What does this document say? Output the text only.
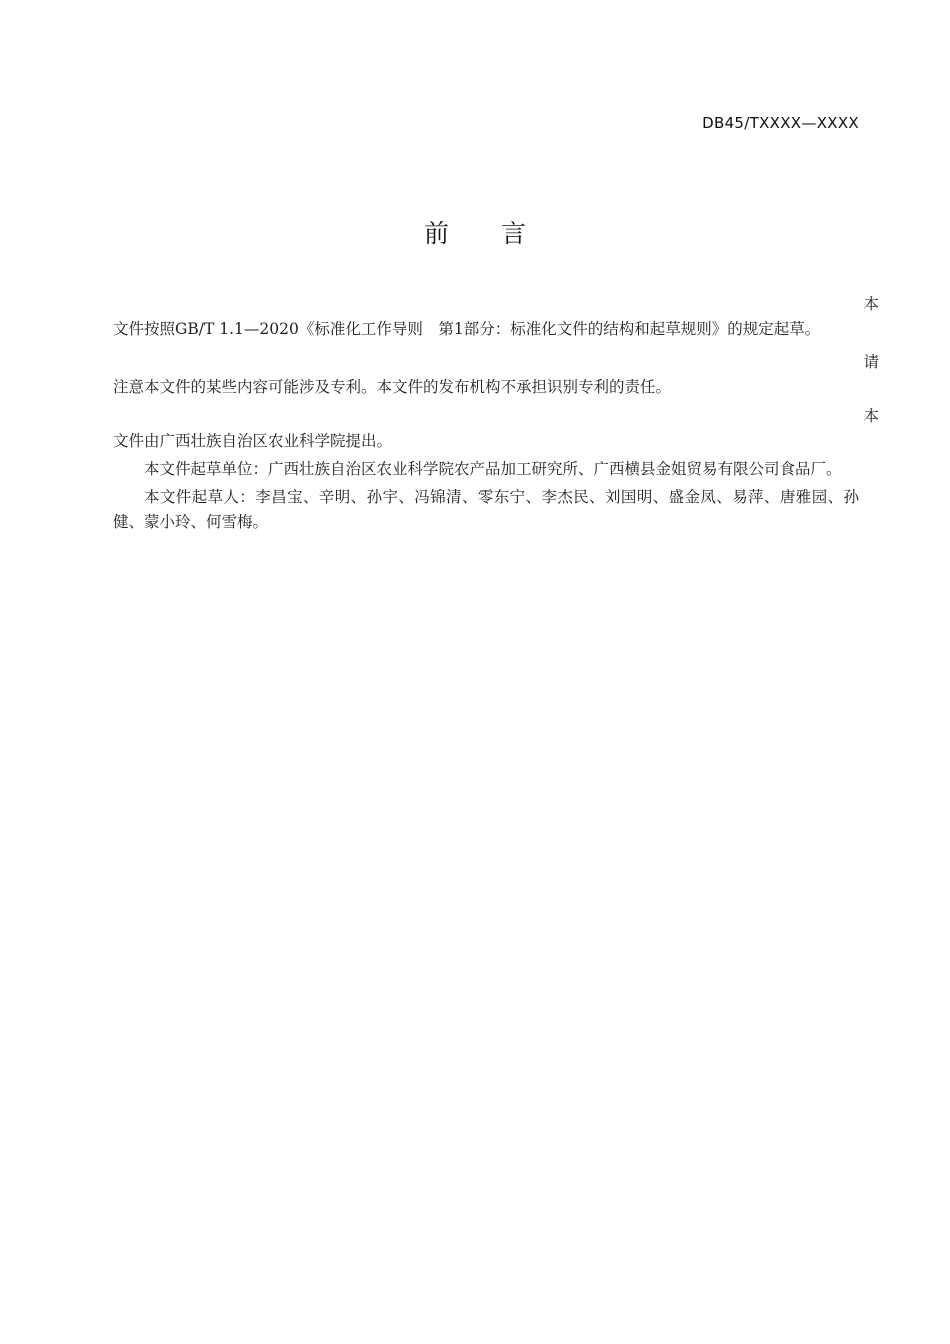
DB45/TXXXX—XXXX
前 言

本
文件按照GB/T 1.1—2020《标准化工作导则　第1部分：标准化文件的结构和起草规则》的规定起草。

请
注意本文件的某些内容可能涉及专利。本文件的发布机构不承担识别专利的责任。

本
文件由广西壮族自治区农业科学院提出。

本文件起草单位：广西壮族自治区农业科学院农产品加工研究所、广西横县金姐贸易有限公司食品厂。

本文件起草人：李昌宝、辛明、孙宇、冯锦清、零东宁、李杰民、刘国明、盛金凤、易萍、唐雅园、孙健、蒙小玲、何雪梅。
